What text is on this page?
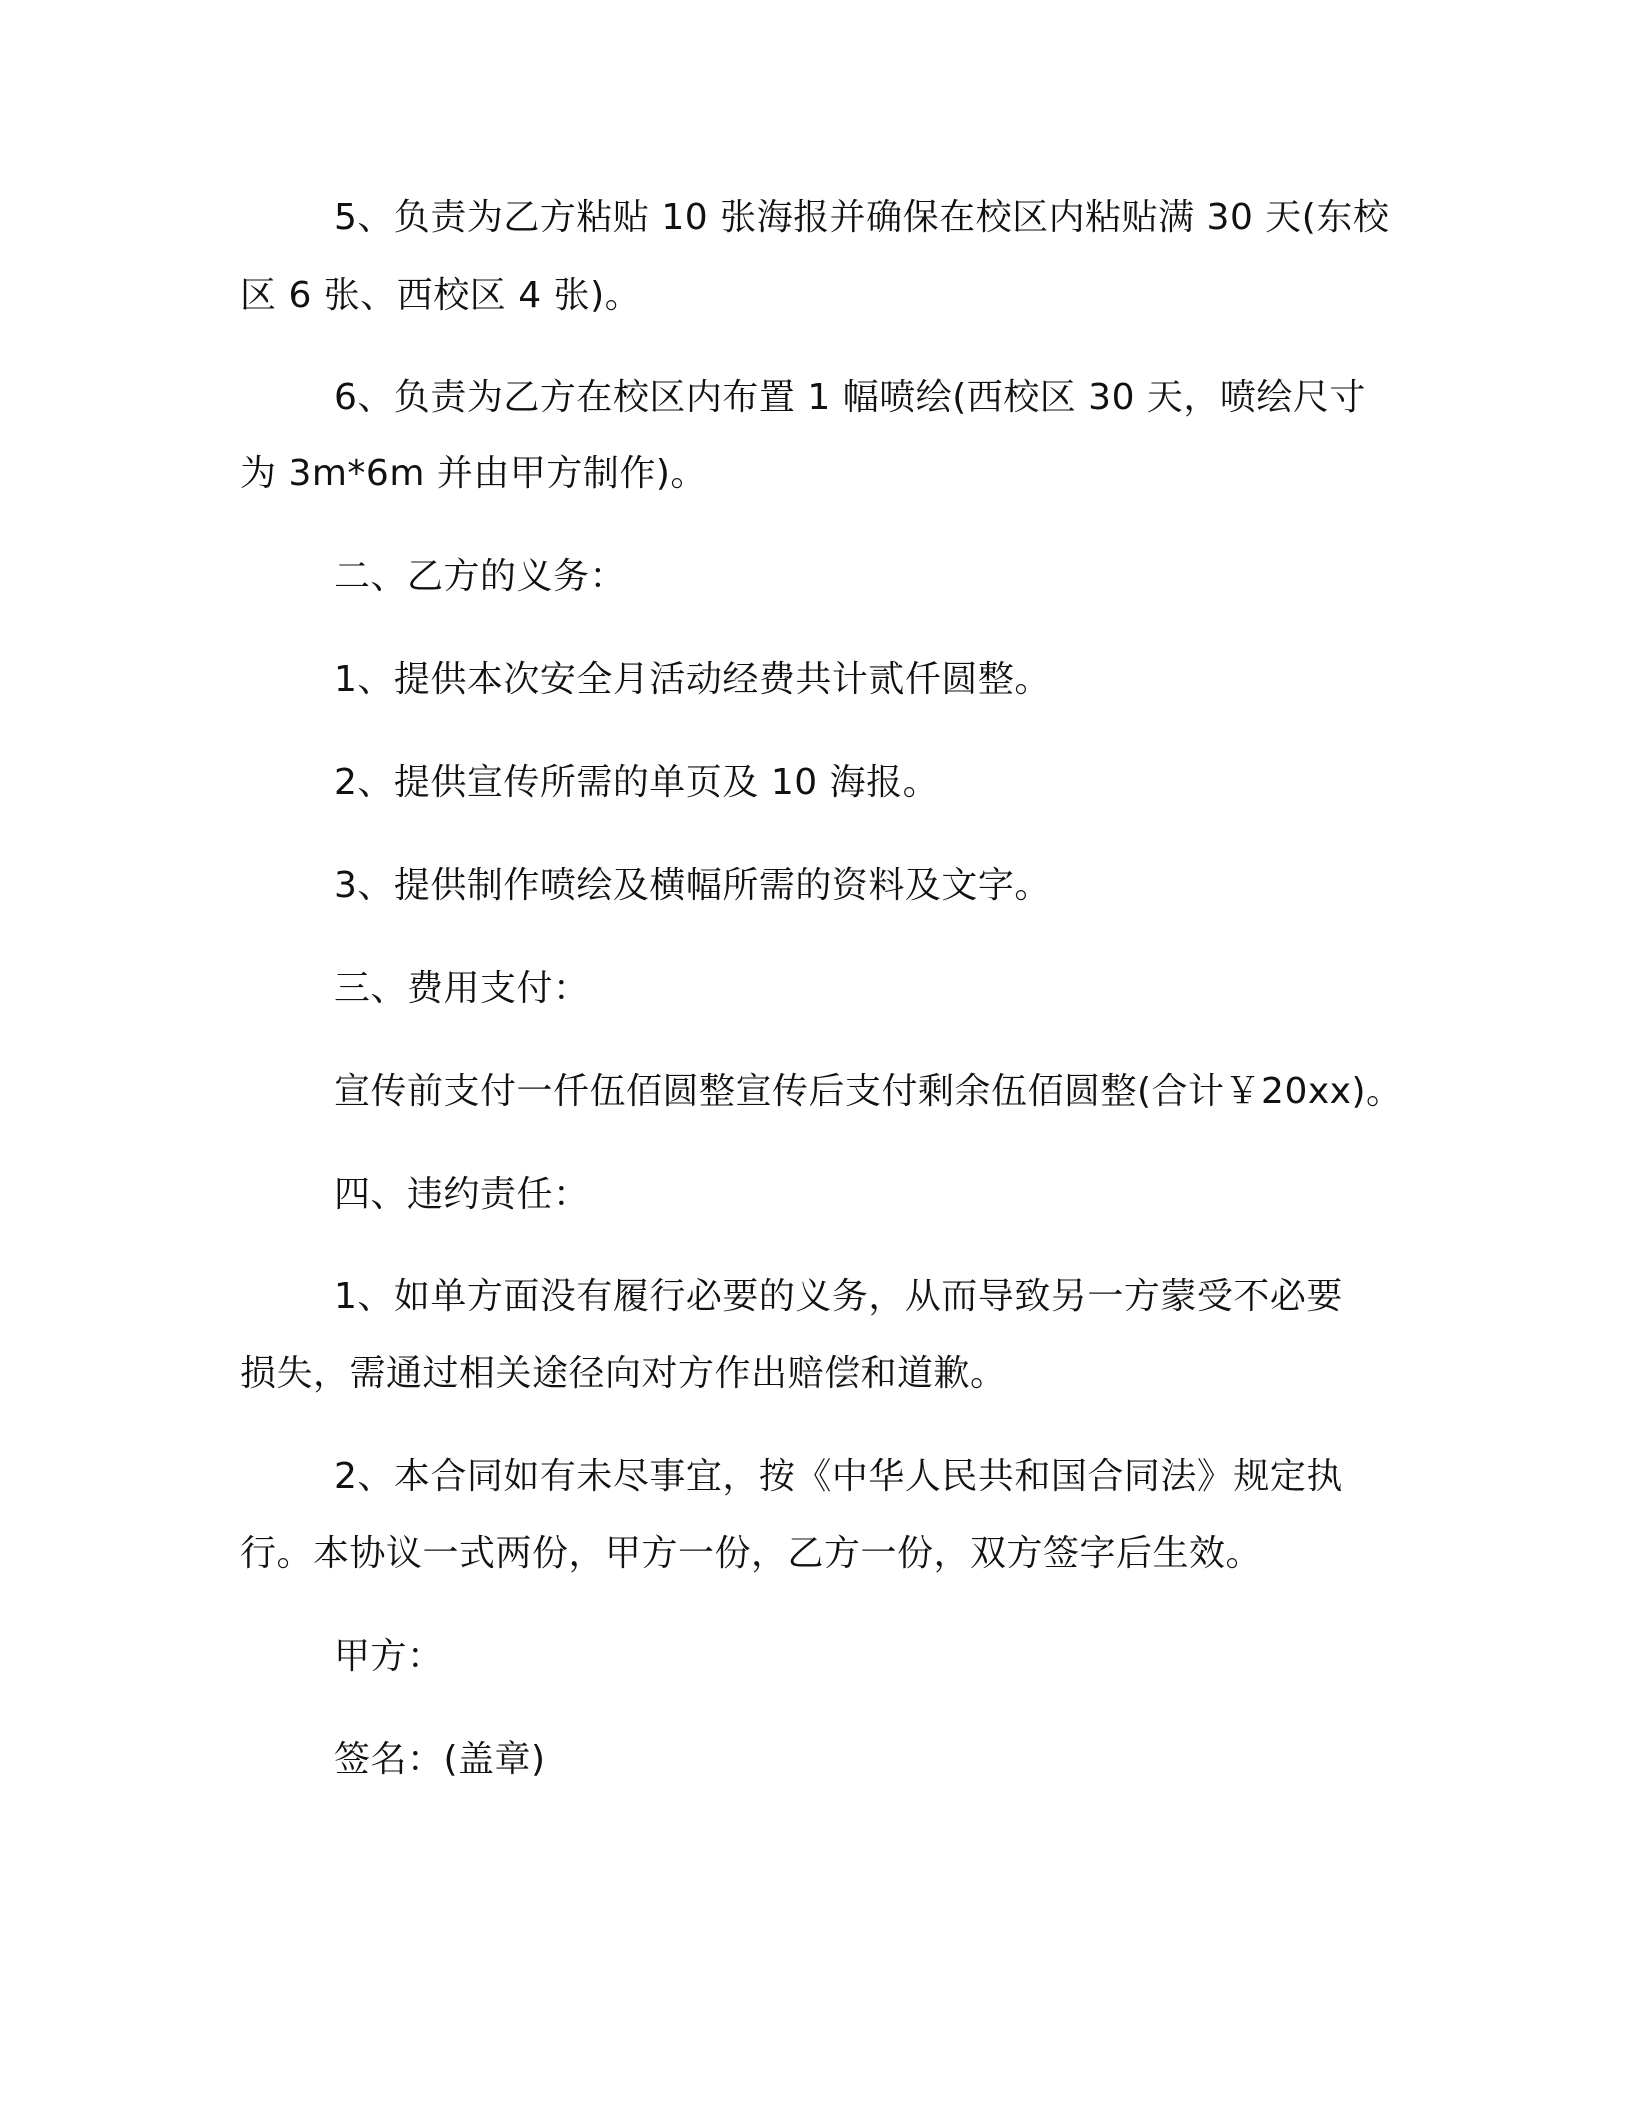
5、负责为乙方粘贴 10 张海报并确保在校区内粘贴满 30 天(东校
区 6 张、西校区 4 张)。
6、负责为乙方在校区内布置 1 幅喷绘(西校区 30 天，喷绘尺寸
为 3m*6m 并由甲方制作)。
二、乙方的义务：
1、提供本次安全月活动经费共计贰仟圆整。
2、提供宣传所需的单页及 10 海报。
3、提供制作喷绘及横幅所需的资料及文字。
三、费用支付：
宣传前支付一仟伍佰圆整宣传后支付剩余伍佰圆整(合计￥20xx)。
四、违约责任：
1、如单方面没有履行必要的义务，从而导致另一方蒙受不必要
损失，需通过相关途径向对方作出赔偿和道歉。
2、本合同如有未尽事宜，按《中华人民共和国合同法》规定执
行。本协议一式两份，甲方一份，乙方一份，双方签字后生效。
甲方：
签名：(盖章)
